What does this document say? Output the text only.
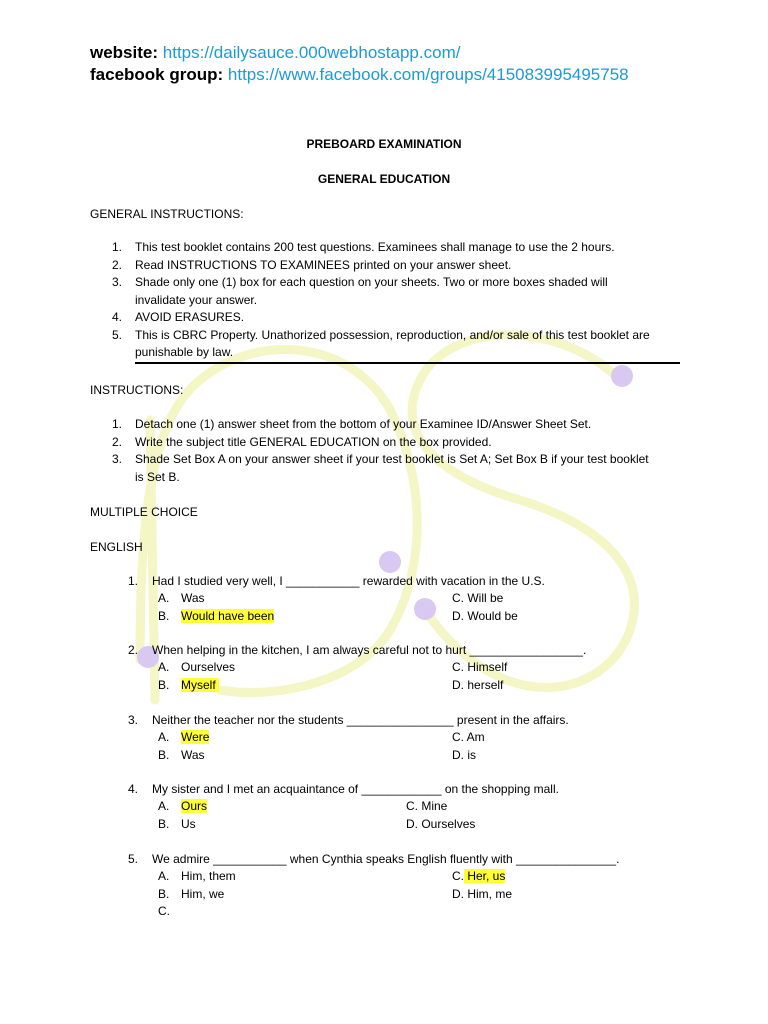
website: https://dailysauce.000webhostapp.com/
facebook group: https://www.facebook.com/groups/415083995495758
PREBOARD EXAMINATION
GENERAL EDUCATION
GENERAL INSTRUCTIONS:
1. This test booklet contains 200 test questions. Examinees shall manage to use the 2 hours.
2. Read INSTRUCTIONS TO EXAMINEES printed on your answer sheet.
3. Shade only one (1) box for each question on your sheets. Two or more boxes shaded will
invalidate your answer.
4. AVOID ERASURES.
5. This is CBRC Property. Unathorized possession, reproduction, and/or sale of this test booklet are
punishable by law.
INSTRUCTIONS:
1. Detach one (1) answer sheet from the bottom of your Examinee ID/Answer Sheet Set.
2. Write the subject title GENERAL EDUCATION on the box provided.
3. Shade Set Box A on your answer sheet if your test booklet is Set A; Set Box B if your test booklet
is Set B.
MULTIPLE CHOICE
ENGLISH
1. Had I studied very well, I ___________ rewarded with vacation in the U.S.
A. Was
B. Would have been
C. Will be
D. Would be
2. When helping in the kitchen, I am always careful not to hurt _________________.
A. Ourselves
B. Myself
C. Himself
D. herself
3. Neither the teacher nor the students ________________ present in the affairs.
A. Were
B. Was
C. Am
D. is
4. My sister and I met an acquaintance of ____________ on the shopping mall.
A. Ours
B. Us
C. Mine
D. Ourselves
5. We admire ___________ when Cynthia speaks English fluently with _______________.
A. Him, them
B. Him, we
C.
C. Her, us
D. Him, me
